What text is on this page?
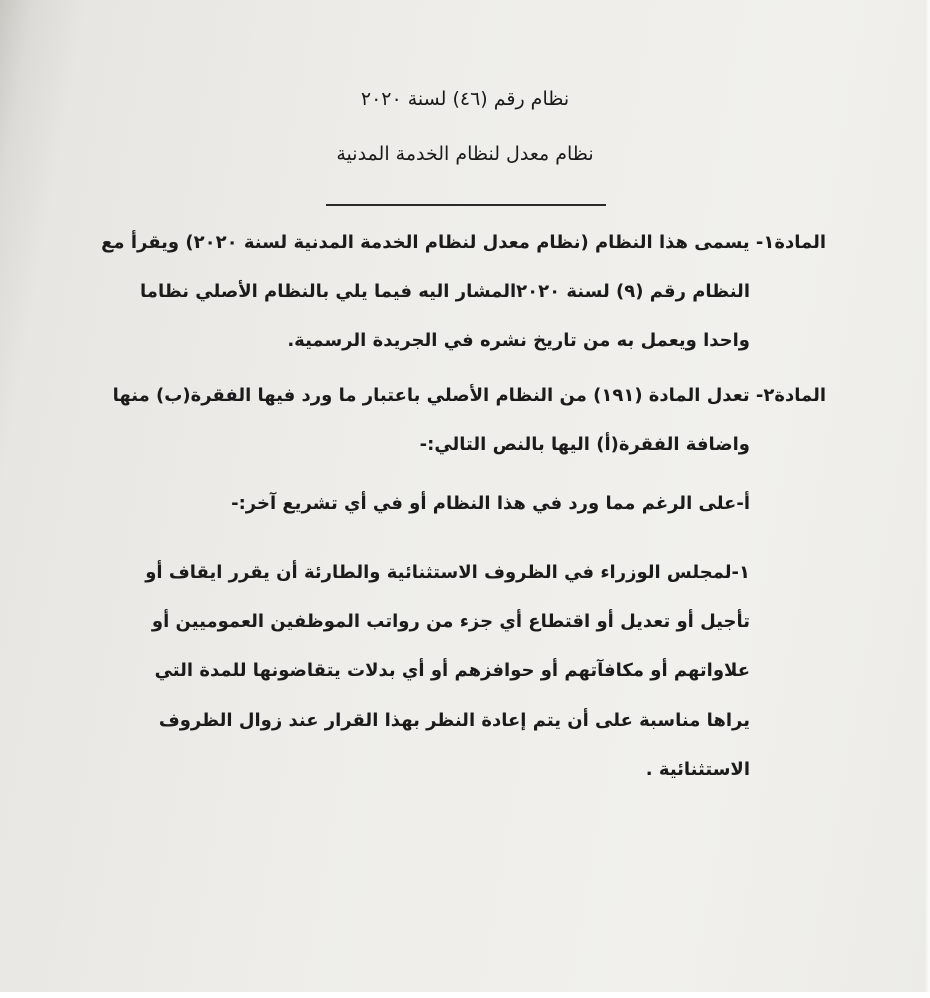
نظام رقم (٤٦) لسنة ٢٠٢٠

نظام معدل لنظام الخدمة المدنية

المادة١- يسمى هذا النظام (نظام معدل لنظام الخدمة المدنية لسنة ٢٠٢٠) ويقرأ مع

النظام رقم (٩) لسنة ٢٠٢٠المشار اليه فيما يلي بالنظام الأصلي نظاما

واحدا ويعمل به من تاريخ نشره في الجريدة الرسمية.

المادة٢- تعدل المادة (١٩١) من النظام الأصلي باعتبار ما ورد فيها الفقرة(ب) منها

واضافة الفقرة(أ) اليها بالنص التالي:-

أ-على الرغم مما ورد في هذا النظام أو في أي تشريع آخر:-

١-لمجلس الوزراء في الظروف الاستثنائية والطارئة أن يقرر ايقاف أو

تأجيل أو تعديل أو اقتطاع أي جزء من رواتب الموظفين العموميين أو

علاواتهم أو مكافآتهم أو حوافزهم أو أي بدلات يتقاضونها للمدة التي

يراها مناسبة على أن يتم إعادة النظر بهذا القرار عند زوال الظروف

الاستثنائية .
